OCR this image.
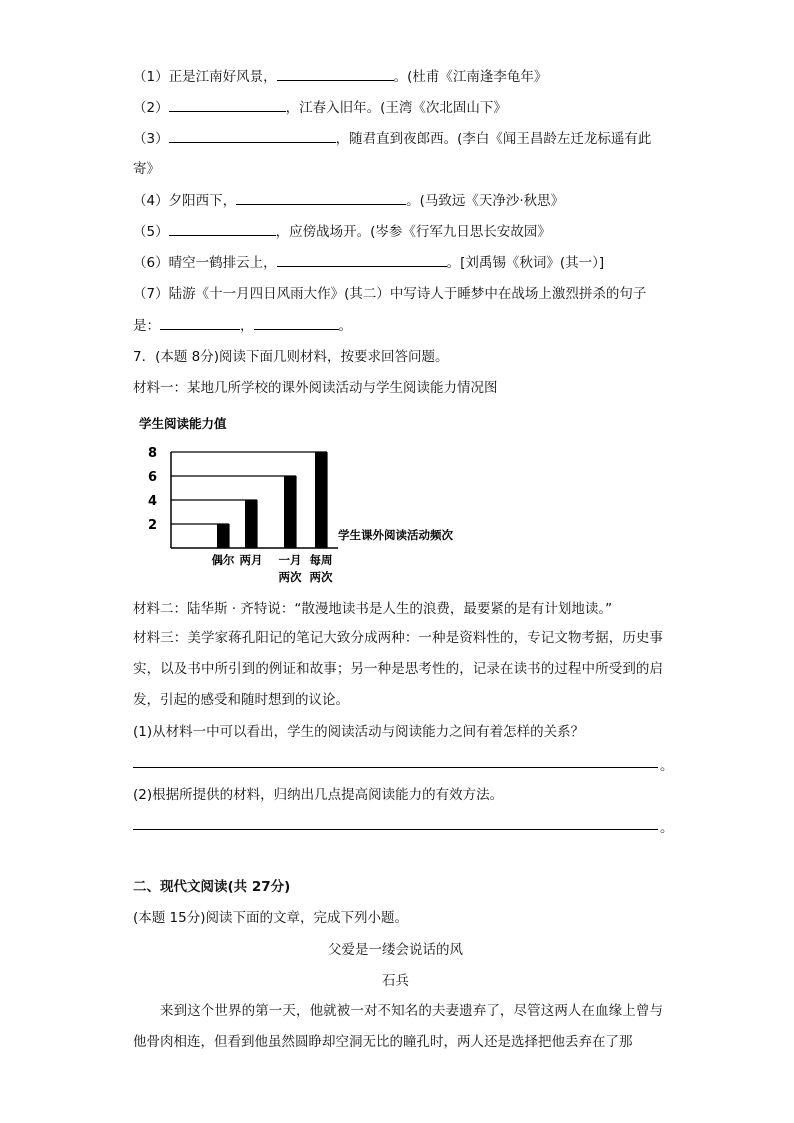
（1）正是江南好风景，	。(杜甫《江南逢李龟年》
（2）	，江春入旧年。(王湾《次北固山下》
（3）	，随君直到夜郎西。(李白《闻王昌龄左迁龙标遥有此
寄》
（4）夕阳西下，	。(马致远《天净沙·秋思》
（5）	，应傍战场开。(岑参《行军九日思长安故园》
（6）晴空一鹤排云上，	。[刘禹锡《秋词》(其一）]
（7）陆游《十一月四日风雨大作》(其二）中写诗人于睡梦中在战场上激烈拼杀的句子
是：	，	。
7．(本题 8分)阅读下面几则材料，按要求回答问题。
材料一：某地几所学校的课外阅读活动与学生阅读能力情况图
学生阅读能力值
2
4
6
8
偶尔 两月 一月
两次
每周
两次
学生课外阅读活动频次
材料二：陆华斯 · 齐特说：“散漫地读书是人生的浪费，最要紧的是有计划地读。”
材料三：美学家蒋孔阳记的笔记大致分成两种：一种是资料性的，专记文物考据，历史事实，以及书中所引到的例证和故事；另一种是思考性的，记录在读书的过程中所受到的启发，引起的感受和随时想到的议论。
(1)从材料一中可以看出，学生的阅读活动与阅读能力之间有着怎样的关系？
。
(2)根据所提供的材料，归纳出几点提高阅读能力的有效方法。
。
二、现代文阅读(共 27分)
(本题 15分)阅读下面的文章，完成下列小题。
父爱是一缕会说话的风
石兵
来到这个世界的第一天，他就被一对不知名的夫妻遗弃了，尽管这两人在血缘上曾与他骨肉相连，但看到他虽然圆睁却空洞无比的瞳孔时，两人还是选择把他丢弃在了那
